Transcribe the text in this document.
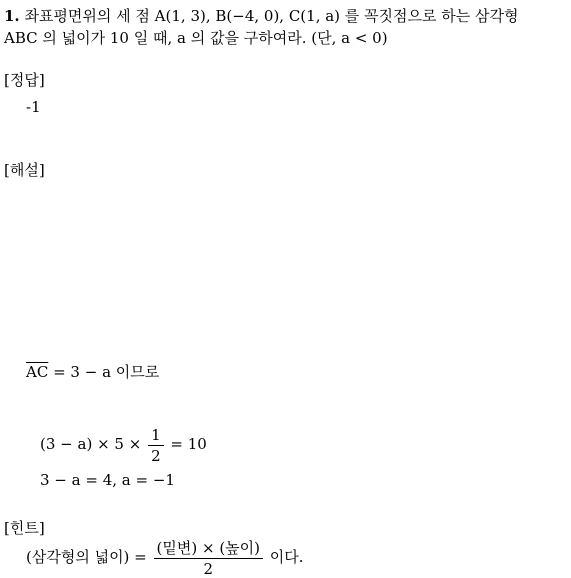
1. 좌표평면위의 세 점 A(1, 3), B(−4, 0), C(1, a) 를 꼭짓점으로 하는 삼각형
ABC 의 넓이가 10 일 때, a 의 값을 구하여라. (단, a < 0)
[정답]
-1
[해설]
$\overline{AC} = 3 - a$ 이므로
$(3 - a) \times 5 \times \frac{1}{2} = 10$
3 − a = 4, a = −1
[힌트]
(삼각형의 넓이) = $\frac{\text{(밑변) × (높이)}}{2}$ 이다.
